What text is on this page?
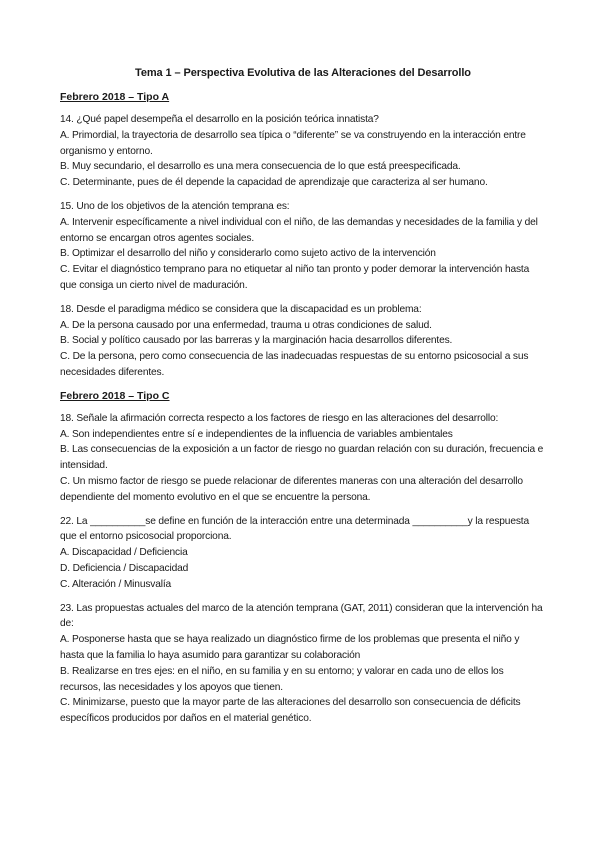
Tema 1 – Perspectiva Evolutiva de las Alteraciones del Desarrollo
Febrero 2018 – Tipo A

14. ¿Qué papel desempeña el desarrollo en la posición teórica innatista?

A. Primordial, la trayectoria de desarrollo sea típica o “diferente” se va construyendo en la interacción entre organismo y entorno.

B. Muy secundario, el desarrollo es una mera consecuencia de lo que está preespecificada.

C. Determinante, pues de él depende la capacidad de aprendizaje que caracteriza al ser humano.

15. Uno de los objetivos de la atención temprana es:

A. Intervenir específicamente a nivel individual con el niño, de las demandas y necesidades de la familia y del entorno se encargan otros agentes sociales.

B. Optimizar el desarrollo del niño y considerarlo como sujeto activo de la intervención

C. Evitar el diagnóstico temprano para no etiquetar al niño tan pronto y poder demorar la intervención hasta que consiga un cierto nivel de maduración.

18. Desde el paradigma médico se considera que la discapacidad es un problema:

A. De la persona causado por una enfermedad, trauma u otras condiciones de salud.

B. Social y político causado por las barreras y la marginación hacia desarrollos diferentes.

C. De la persona, pero como consecuencia de las inadecuadas respuestas de su entorno psicosocial a sus necesidades diferentes.

Febrero 2018 – Tipo C

18. Señale la afirmación correcta respecto a los factores de riesgo en las alteraciones del desarrollo:

A. Son independientes entre sí e independientes de la influencia de variables ambientales

B. Las consecuencias de la exposición a un factor de riesgo no guardan relación con su duración, frecuencia e intensidad.

C. Un mismo factor de riesgo se puede relacionar de diferentes maneras con una alteración del desarrollo dependiente del momento evolutivo en el que se encuentre la persona.

22. La __________se define en función de la interacción entre una determinada __________y la respuesta que el entorno psicosocial proporciona.

A. Discapacidad / Deficiencia

D. Deficiencia / Discapacidad

C. Alteración / Minusvalía

23. Las propuestas actuales del marco de la atención temprana (GAT, 2011) consideran que la intervención ha de:

A. Posponerse hasta que se haya realizado un diagnóstico firme de los problemas que presenta el niño y hasta que la familia lo haya asumido para garantizar su colaboración

B. Realizarse en tres ejes: en el niño, en su familia y en su entorno; y valorar en cada uno de ellos los recursos, las necesidades y los apoyos que tienen.

C. Minimizarse, puesto que la mayor parte de las alteraciones del desarrollo son consecuencia de déficits específicos producidos por daños en el material genético.
